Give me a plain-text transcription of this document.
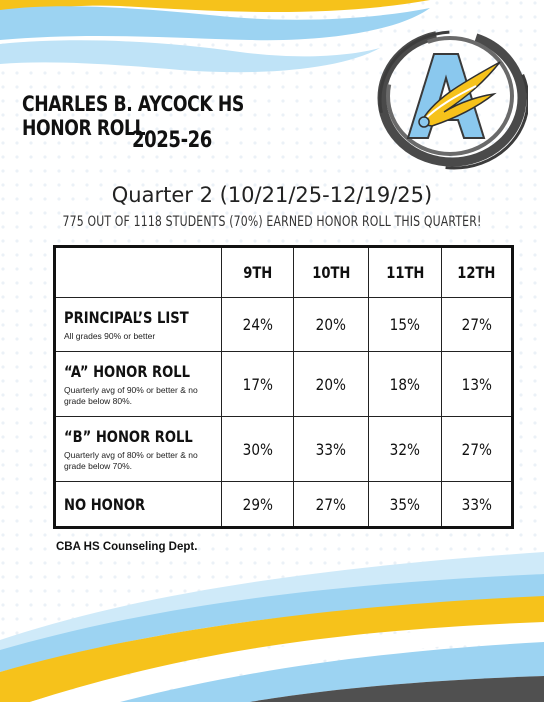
CHARLES B. AYCOCK HS HONOR ROLL
2025-26
Quarter 2 (10/21/25-12/19/25)
775 OUT OF 1118 STUDENTS (70%) EARNED HONOR ROLL THIS QUARTER!
	9TH	10TH	11TH	12TH

PRINCIPAL’S LIST
All grades 90% or better	24%	20%	15%	27%

“A” HONOR ROLL
Quarterly avg of 90% or better & no grade below 80%.	17%	20%	18%	13%

“B” HONOR ROLL
Quarterly avg of 80% or better & no grade below 70%.	30%	33%	32%	27%

NO HONOR	29%	27%	35%	33%
CBA HS Counseling Dept.
